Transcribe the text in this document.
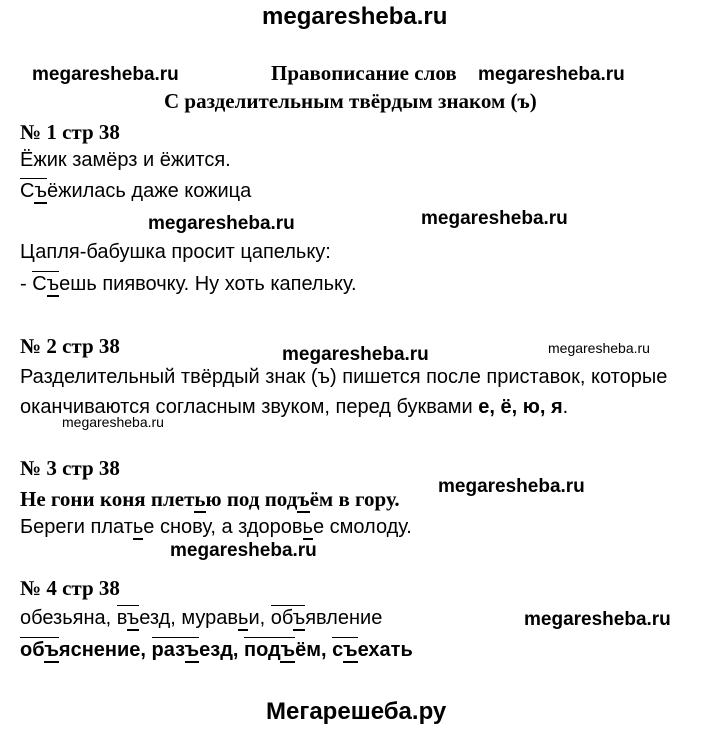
megaresheba.ru
megaresheba.ru	megaresheba.ru
megaresheba.ru	megaresheba.ru
megaresheba.ru	megaresheba.ru
megaresheba.ru
megaresheba.ru
megaresheba.ru
megaresheba.ru
Мегарешеба.ру
Правописание слов
С разделительным твёрдым знаком (ъ)
№ 1 стр 38
Ёжик замёрз и ёжится.
Съёжилась даже кожица
Цапля-бабушка просит цапельку:
- Съешь пиявочку. Ну хоть капельку.
№ 2 стр 38
Разделительный твёрдый знак (ъ) пишется после приставок, которые
оканчиваются согласным звуком, перед буквами е, ё, ю, я.
№ 3 стр 38
Не гони коня плетью под подъём в гору.
Береги платье снову, а здоровье смолоду.
№ 4 стр 38
обезьяна, въезд, муравьи, объявление
объяснение, разъезд, подъём, съехать
